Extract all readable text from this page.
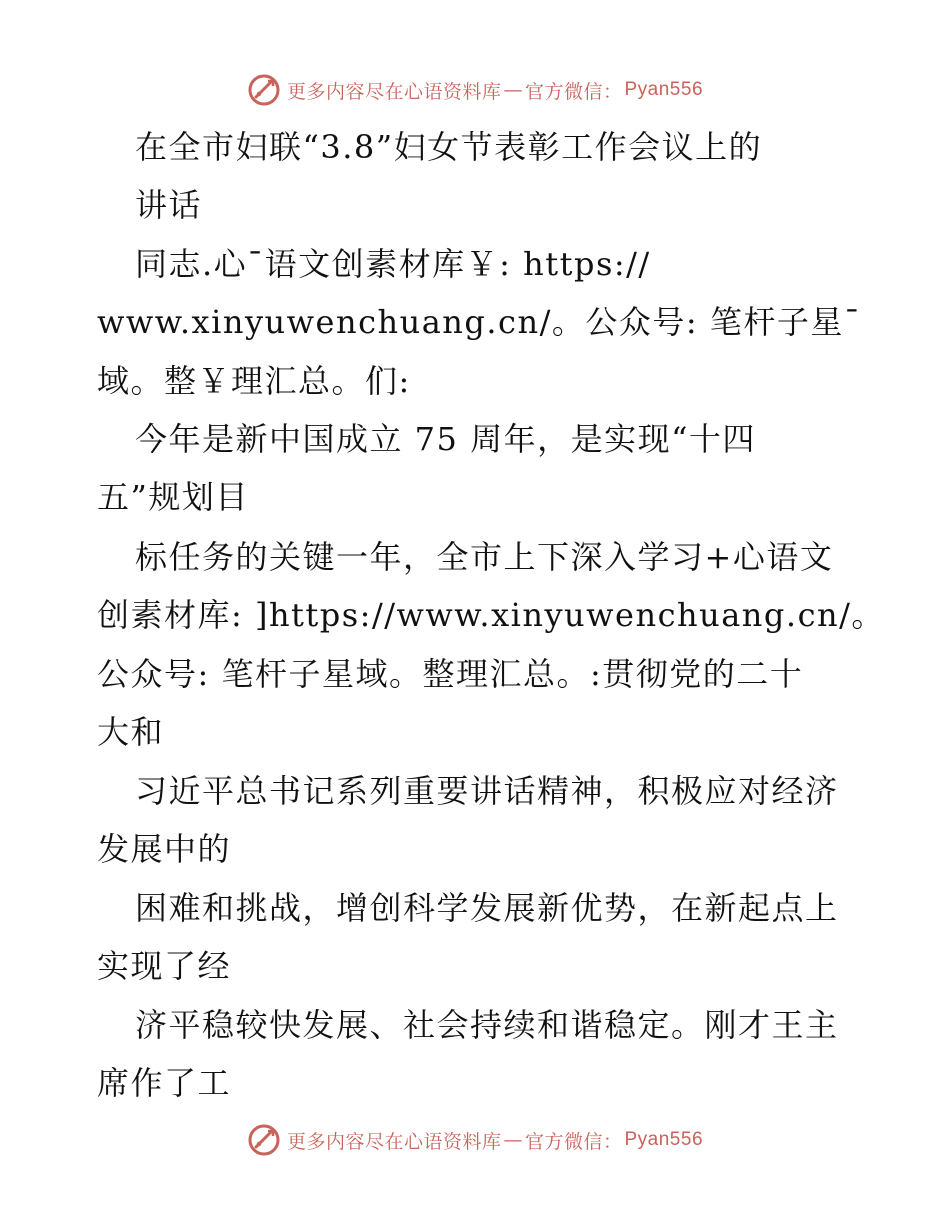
更多内容尽在心语资料库 — 官方微信： Pyan556
在全市妇联“3.8”妇女节表彰工作会议上的
讲话
同志.心¯语文创素材库￥: https://
www.xinyuwenchuang.cn/。公众号: 笔杆子星¯
域。整￥理汇总。们:
今年是新中国成立 75 周年，是实现“十四
五”规划目
标任务的关键一年，全市上下深入学习+心语文
创素材库: ]https://www.xinyuwenchuang.cn/。
公众号: 笔杆子星域。整理汇总。:贯彻党的二十
大和
习近平总书记系列重要讲话精神，积极应对经济
发展中的
困难和挑战，增创科学发展新优势，在新起点上
实现了经
济平稳较快发展、社会持续和谐稳定。刚才王主
席作了工
更多内容尽在心语资料库 — 官方微信： Pyan556
